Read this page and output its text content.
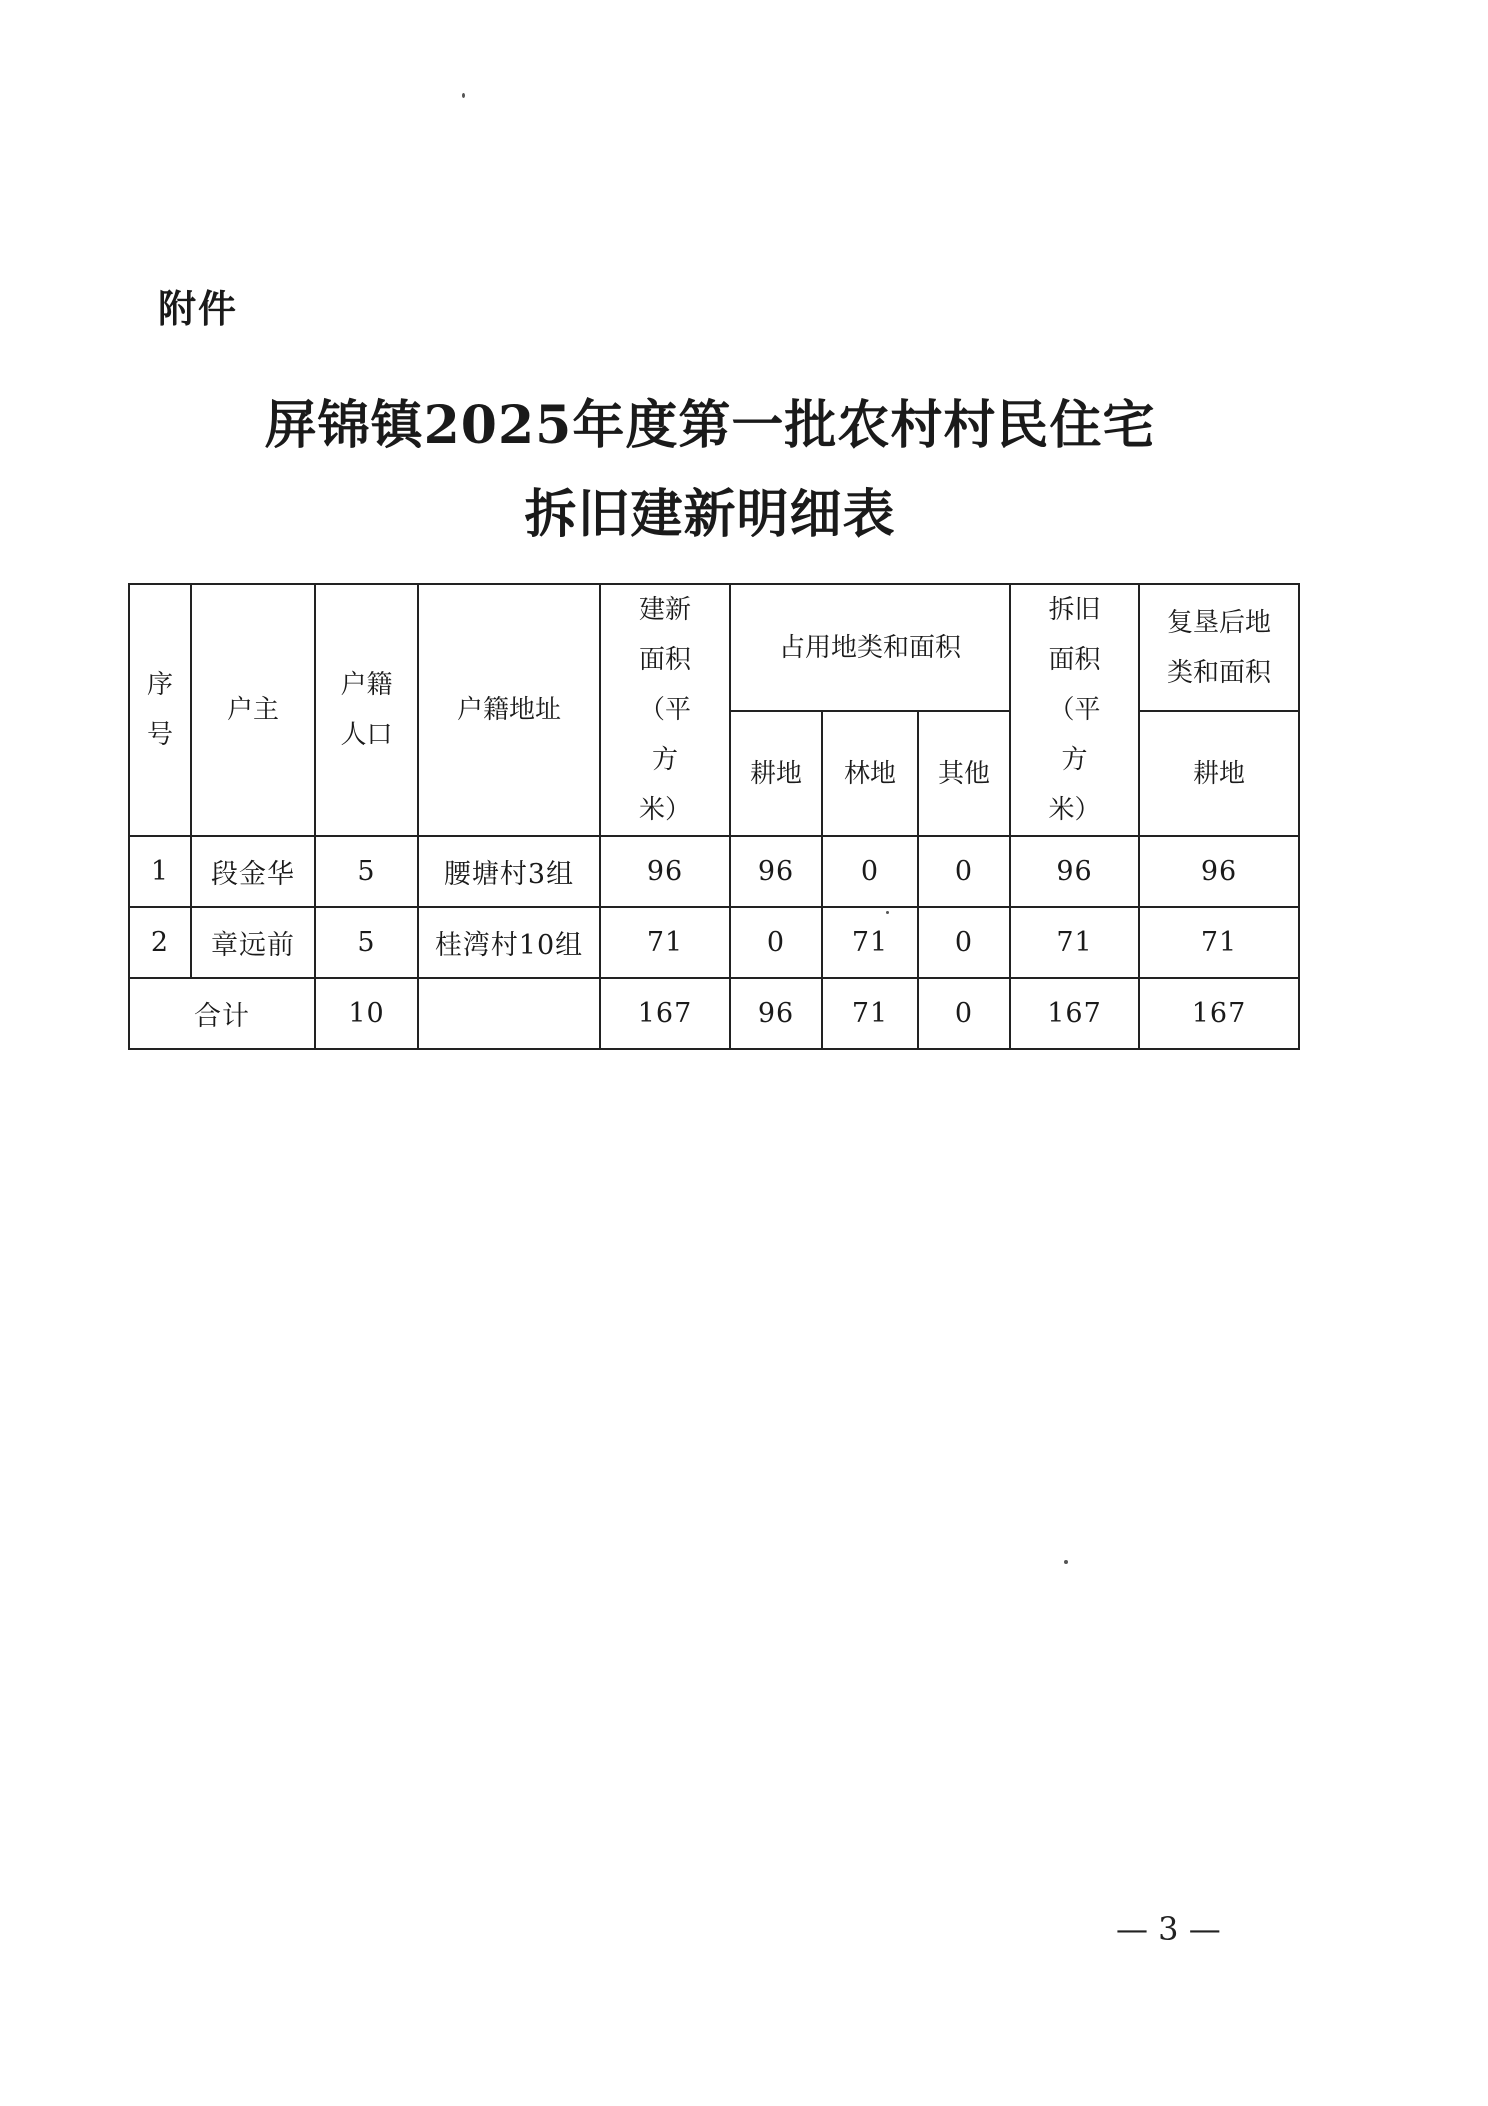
附件
屏锦镇2025年度第一批农村村民住宅
拆旧建新明细表
序号	户主	户籍人口	户籍地址	建新面积（平方米）	占用地类和面积			拆旧面积（平方米）	复垦后地类和面积

					耕地	林地	其他		耕地
1	段金华	5	腰塘村3组	96	96	0	0	96	96
2	章远前	5	桂湾村10组	71	0	71	0	71	71
合计		10		167	96	71	0	167	167
— 3 —
